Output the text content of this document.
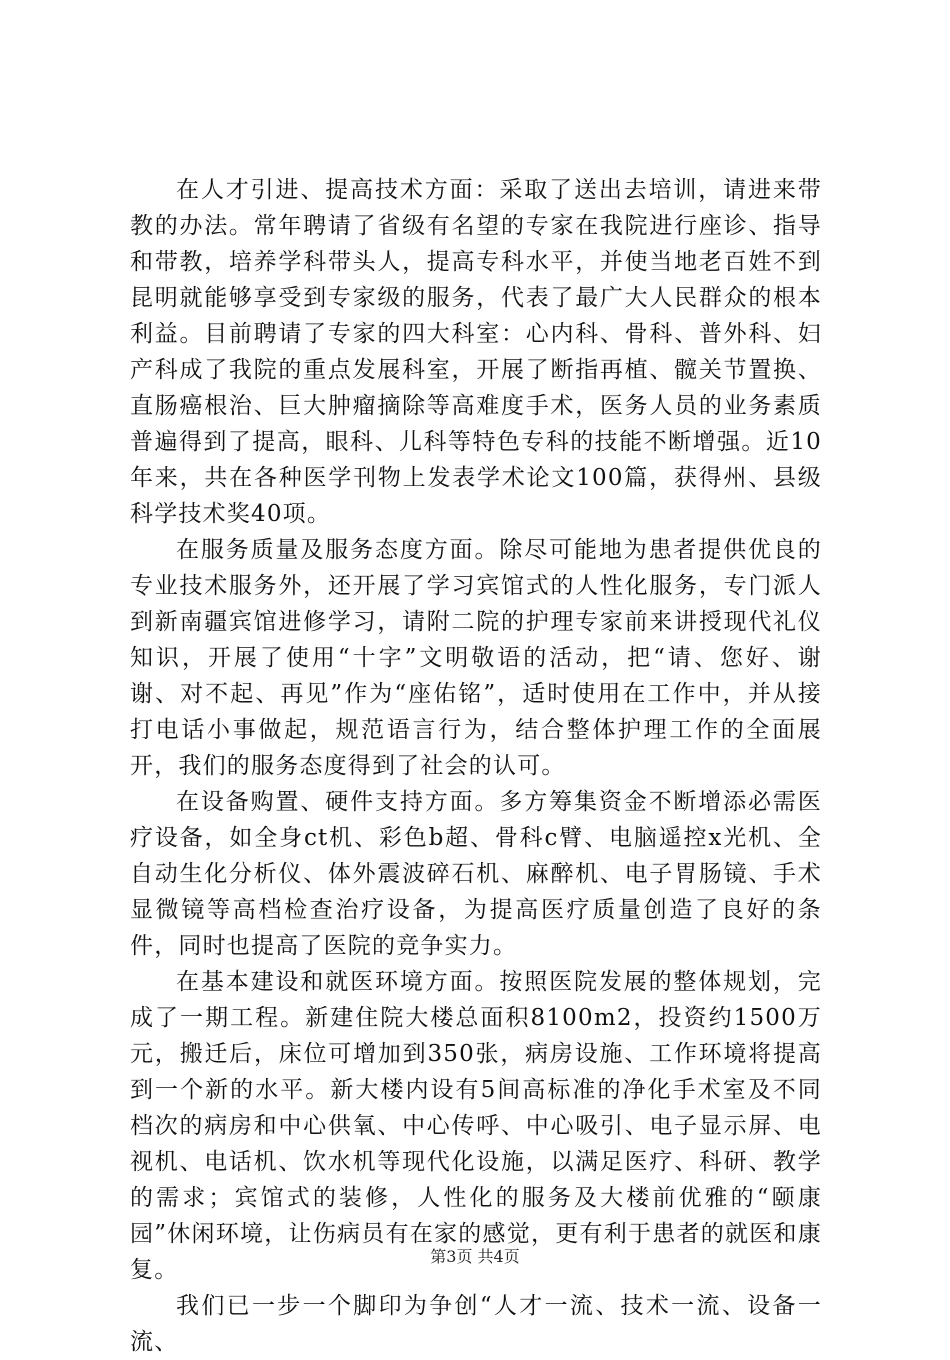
在人才引进、提高技术方面：采取了送出去培训，请进来带教的办法。常年聘请了省级有名望的专家在我院进行座诊、指导和带教，培养学科带头人，提高专科水平，并使当地老百姓不到昆明就能够享受到专家级的服务，代表了最广大人民群众的根本利益。目前聘请了专家的四大科室：心内科、骨科、普外科、妇产科成了我院的重点发展科室，开展了断指再植、髋关节置换、直肠癌根治、巨大肿瘤摘除等高难度手术，医务人员的业务素质普遍得到了提高，眼科、儿科等特色专科的技能不断增强。近10年来，共在各种医学刊物上发表学术论文100篇，获得州、县级科学技术奖40项。

在服务质量及服务态度方面。除尽可能地为患者提供优良的专业技术服务外，还开展了学习宾馆式的人性化服务，专门派人到新南疆宾馆进修学习，请附二院的护理专家前来讲授现代礼仪知识，开展了使用“十字”文明敬语的活动，把“请、您好、谢谢、对不起、再见”作为“座佑铭”，适时使用在工作中，并从接打电话小事做起，规范语言行为，结合整体护理工作的全面展开，我们的服务态度得到了社会的认可。

在设备购置、硬件支持方面。多方筹集资金不断增添必需医疗设备，如全身ct机、彩色b超、骨科c臂、电脑遥控x光机、全自动生化分析仪、体外震波碎石机、麻醉机、电子胃肠镜、手术显微镜等高档检查治疗设备，为提高医疗质量创造了良好的条件，同时也提高了医院的竞争实力。

在基本建设和就医环境方面。按照医院发展的整体规划，完成了一期工程。新建住院大楼总面积8100m2，投资约1500万元，搬迁后，床位可增加到350张，病房设施、工作环境将提高到一个新的水平。新大楼内设有5间高标准的净化手术室及不同档次的病房和中心供氧、中心传呼、中心吸引、电子显示屏、电视机、电话机、饮水机等现代化设施，以满足医疗、科研、教学的需求；宾馆式的装修，人性化的服务及大楼前优雅的“颐康园”休闲环境，让伤病员有在家的感觉，更有利于患者的就医和康复。

我们已一步一个脚印为争创“人才一流、技术一流、设备一流、

第3页 共4页
